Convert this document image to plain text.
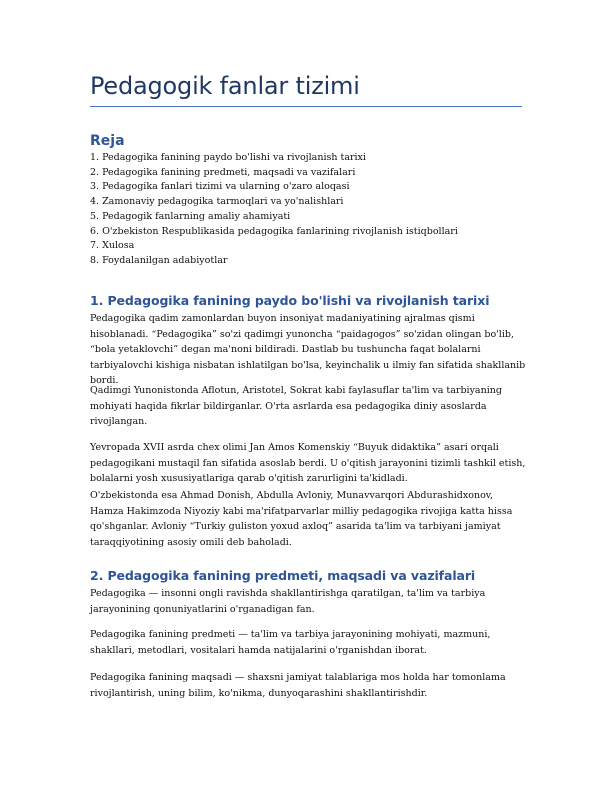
Pedagogik fanlar tizimi
Reja
1. Pedagogika fanining paydo bo'lishi va rivojlanish tarixi
2. Pedagogika fanining predmeti, maqsadi va vazifalari
3. Pedagogika fanlari tizimi va ularning o'zaro aloqasi
4. Zamonaviy pedagogika tarmoqlari va yo'nalishlari
5. Pedagogik fanlarning amaliy ahamiyati
6. O'zbekiston Respublikasida pedagogika fanlarining rivojlanish istiqbollari
7. Xulosa
8. Foydalanilgan adabiyotlar
1. Pedagogika fanining paydo bo'lishi va rivojlanish tarixi

Pedagogika qadim zamonlardan buyon insoniyat madaniyatining ajralmas qismi hisoblanadi. “Pedagogika” so'zi qadimgi yunoncha “paidagogos” so'zidan olingan bo'lib, “bola yetaklovchi” degan ma'noni bildiradi. Dastlab bu tushuncha faqat bolalarni tarbiyalovchi kishiga nisbatan ishlatilgan bo'lsa, keyinchalik u ilmiy fan sifatida shakllanib bordi.

Qadimgi Yunonistonda Aflotun, Aristotel, Sokrat kabi faylasuflar ta'lim va tarbiyaning mohiyati haqida fikrlar bildirganlar. O'rta asrlarda esa pedagogika diniy asoslarda rivojlangan.

Yevropada XVII asrda chex olimi Jan Amos Komenskiy “Buyuk didaktika” asari orqali pedagogikani mustaqil fan sifatida asoslab berdi. U o'qitish jarayonini tizimli tashkil etish, bolalarni yosh xususiyatlariga qarab o'qitish zarurligini ta'kidladi.

O'zbekistonda esa Ahmad Donish, Abdulla Avloniy, Munavvarqori Abdurashidxonov, Hamza Hakimzoda Niyoziy kabi ma'rifatparvarlar milliy pedagogika rivojiga katta hissa qo'shganlar. Avloniy “Turkiy guliston yoxud axloq” asarida ta'lim va tarbiyani jamiyat taraqqiyotining asosiy omili deb baholadi.

2. Pedagogika fanining predmeti, maqsadi va vazifalari

Pedagogika — insonni ongli ravishda shakllantirishga qaratilgan, ta'lim va tarbiya jarayonining qonuniyatlarini o'rganadigan fan.

Pedagogika fanining predmeti — ta'lim va tarbiya jarayonining mohiyati, mazmuni, shakllari, metodlari, vositalari hamda natijalarini o'rganishdan iborat.

Pedagogika fanining maqsadi — shaxsni jamiyat talablariga mos holda har tomonlama rivojlantirish, uning bilim, ko'nikma, dunyoqarashini shakllantirishdir.
